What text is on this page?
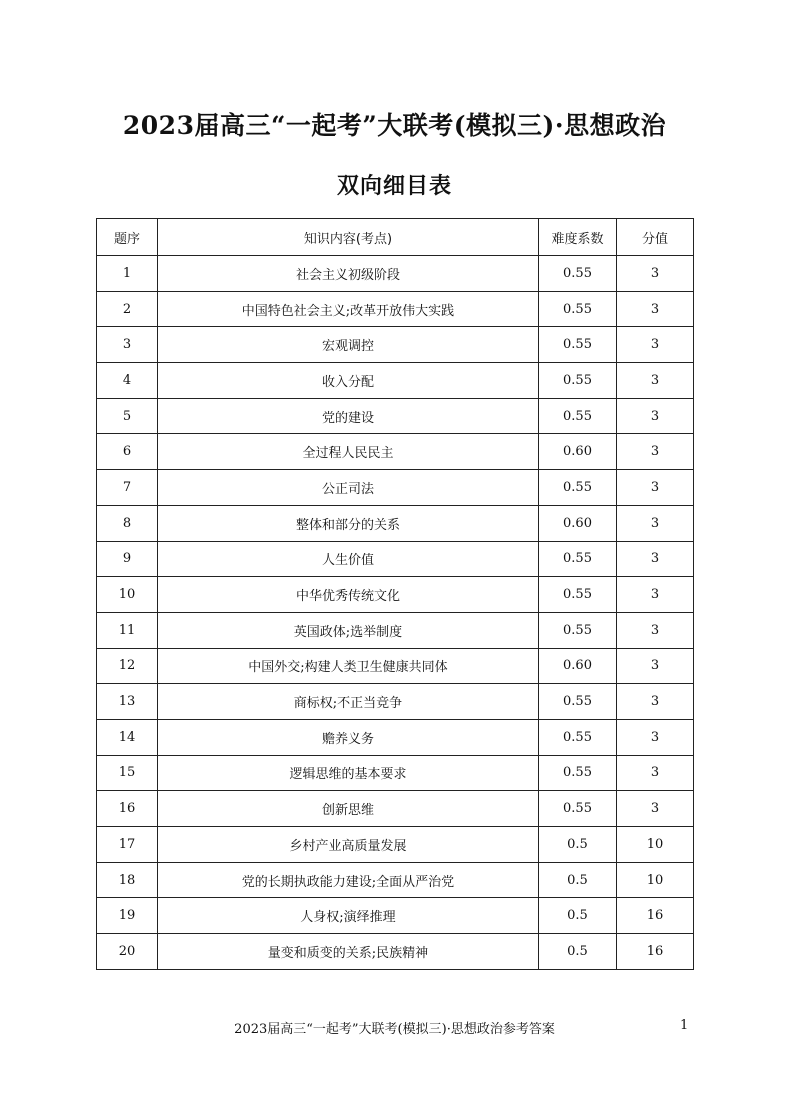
2023届高三“一起考”大联考(模拟三)·思想政治
双向细目表
题序	知识内容(考点)	难度系数	分值
1	社会主义初级阶段	0.55	3
2	中国特色社会主义;改革开放伟大实践	0.55	3
3	宏观调控	0.55	3
4	收入分配	0.55	3
5	党的建设	0.55	3
6	全过程人民民主	0.60	3
7	公正司法	0.55	3
8	整体和部分的关系	0.60	3
9	人生价值	0.55	3
10	中华优秀传统文化	0.55	3
11	英国政体;选举制度	0.55	3
12	中国外交;构建人类卫生健康共同体	0.60	3
13	商标权;不正当竞争	0.55	3
14	赡养义务	0.55	3
15	逻辑思维的基本要求	0.55	3
16	创新思维	0.55	3
17	乡村产业高质量发展	0.5	10
18	党的长期执政能力建设;全面从严治党	0.5	10
19	人身权;演绎推理	0.5	16
20	量变和质变的关系;民族精神	0.5	16
2023届高三“一起考”大联考(模拟三)·思想政治参考答案	1
